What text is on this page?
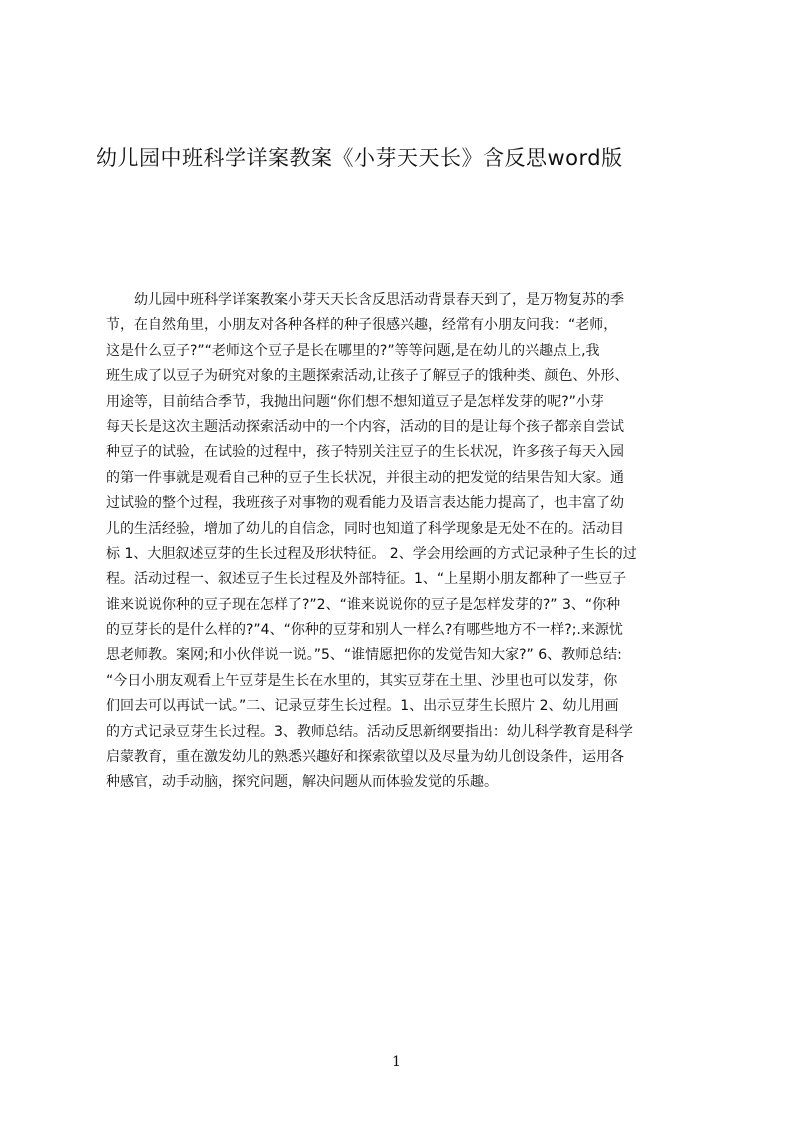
幼儿园中班科学详案教案《小芽天天长》含反思word版
　　幼儿园中班科学详案教案小芽天天长含反思活动背景春天到了，是万物复苏的季
节，在自然角里，小朋友对各种各样的种子很感兴趣，经常有小朋友问我：“老师，
这是什么豆子?”“老师这个豆子是长在哪里的?”等等问题,是在幼儿的兴趣点上,我
班生成了以豆子为研究对象的主题探索活动,让孩子了解豆子的饿种类、颜色、外形、
用途等，目前结合季节，我抛出问题“你们想不想知道豆子是怎样发芽的呢?”小芽
每天长是这次主题活动探索活动中的一个内容，活动的目的是让每个孩子都亲自尝试
种豆子的试验，在试验的过程中，孩子特别关注豆子的生长状况，许多孩子每天入园
的第一件事就是观看自己种的豆子生长状况，并很主动的把发觉的结果告知大家。通
过试验的整个过程，我班孩子对事物的观看能力及语言表达能力提高了，也丰富了幼
儿的生活经验，增加了幼儿的自信念，同时也知道了科学现象是无处不在的。活动目
标 1、大胆叙述豆芽的生长过程及形状特征。 2、学会用绘画的方式记录种子生长的过
程。活动过程一、叙述豆子生长过程及外部特征。1、“上星期小朋友都种了一些豆子
谁来说说你种的豆子现在怎样了?”2、“谁来说说你的豆子是怎样发芽的?” 3、“你种
的豆芽长的是什么样的?”4、“你种的豆芽和别人一样么?有哪些地方不一样?;.来源忧
思老师教。案网;和小伙伴说一说。”5、“谁情愿把你的发觉告知大家?” 6、教师总结:
“今日小朋友观看上午豆芽是生长在水里的，其实豆芽在土里、沙里也可以发芽，你
们回去可以再试一试。”二、记录豆芽生长过程。1、出示豆芽生长照片 2、幼儿用画
的方式记录豆芽生长过程。3、教师总结。活动反思新纲要指出：幼儿科学教育是科学
启蒙教育，重在激发幼儿的熟悉兴趣好和探索欲望以及尽量为幼儿创设条件，运用各
种感官，动手动脑，探究问题，解决问题从而体验发觉的乐趣。
1
